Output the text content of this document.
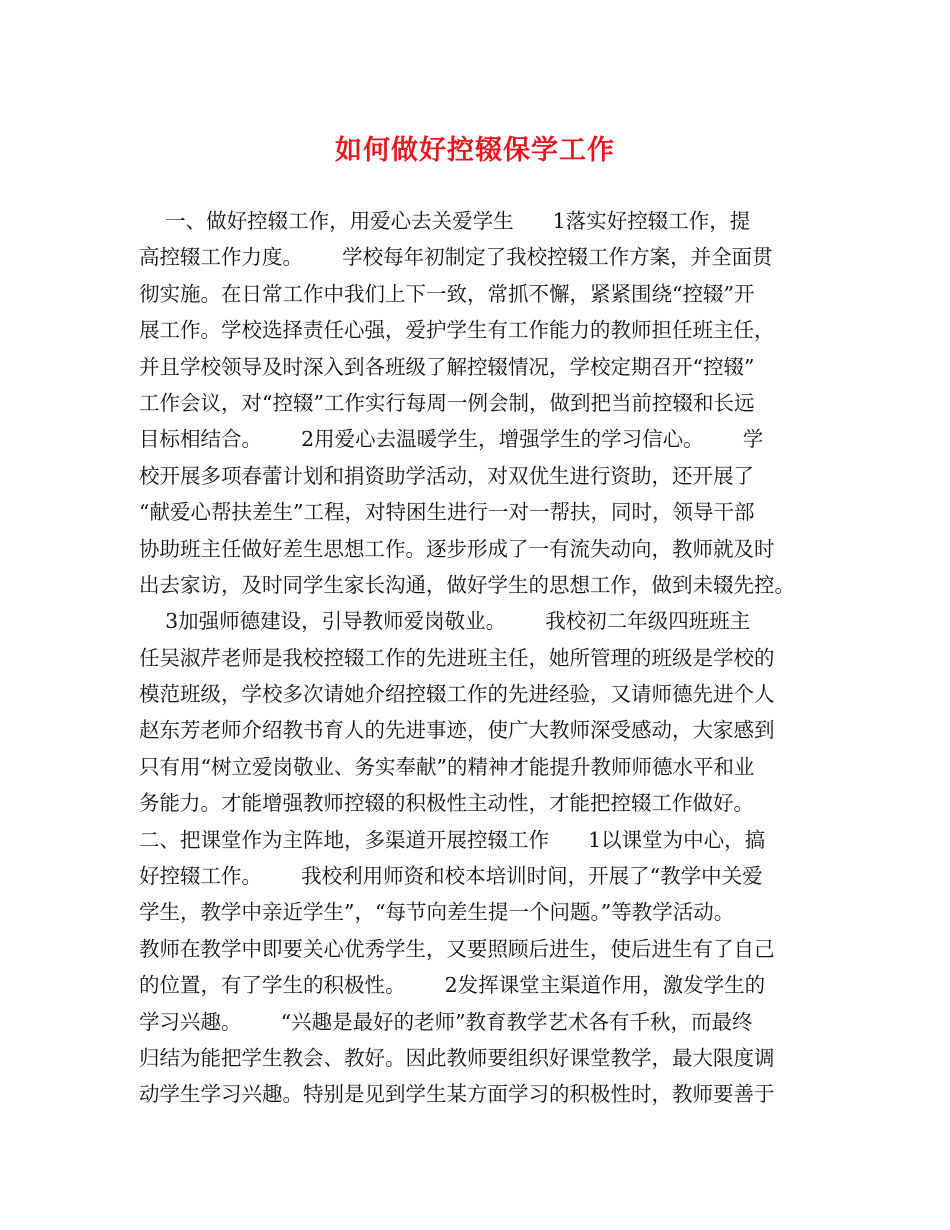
如何做好控辍保学工作
一、做好控辍工作，用爱心去关爱学生      1落实好控辍工作，提
高控辍工作力度。      学校每年初制定了我校控辍工作方案，并全面贯
彻实施。在日常工作中我们上下一致，常抓不懈，紧紧围绕“控辍”开
展工作。学校选择责任心强，爱护学生有工作能力的教师担任班主任，
并且学校领导及时深入到各班级了解控辍情况，学校定期召开“控辍”
工作会议，对“控辍”工作实行每周一例会制，做到把当前控辍和长远
目标相结合。      2用爱心去温暖学生，增强学生的学习信心。      学
校开展多项春蕾计划和捐资助学活动，对双优生进行资助，还开展了
“献爱心帮扶差生”工程，对特困生进行一对一帮扶，同时，领导干部
协助班主任做好差生思想工作。逐步形成了一有流失动向，教师就及时
出去家访，及时同学生家长沟通，做好学生的思想工作，做到未辍先控。
3加强师德建设，引导教师爱岗敬业。      我校初二年级四班班主
任吴淑芹老师是我校控辍工作的先进班主任，她所管理的班级是学校的
模范班级，学校多次请她介绍控辍工作的先进经验，又请师德先进个人
赵东芳老师介绍教书育人的先进事迹，使广大教师深受感动，大家感到
只有用“树立爱岗敬业、务实奉献”的精神才能提升教师师德水平和业
务能力。才能增强教师控辍的积极性主动性，才能把控辍工作做好。
二、把课堂作为主阵地，多渠道开展控辍工作      1以课堂为中心，搞
好控辍工作。      我校利用师资和校本培训时间，开展了“教学中关爱
学生，教学中亲近学生”，“每节向差生提一个问题。”等教学活动。
教师在教学中即要关心优秀学生，又要照顾后进生，使后进生有了自己
的位置，有了学生的积极性。      2发挥课堂主渠道作用，激发学生的
学习兴趣。      “兴趣是最好的老师”教育教学艺术各有千秋，而最终
归结为能把学生教会、教好。因此教师要组织好课堂教学，最大限度调
动学生学习兴趣。特别是见到学生某方面学习的积极性时，教师要善于
